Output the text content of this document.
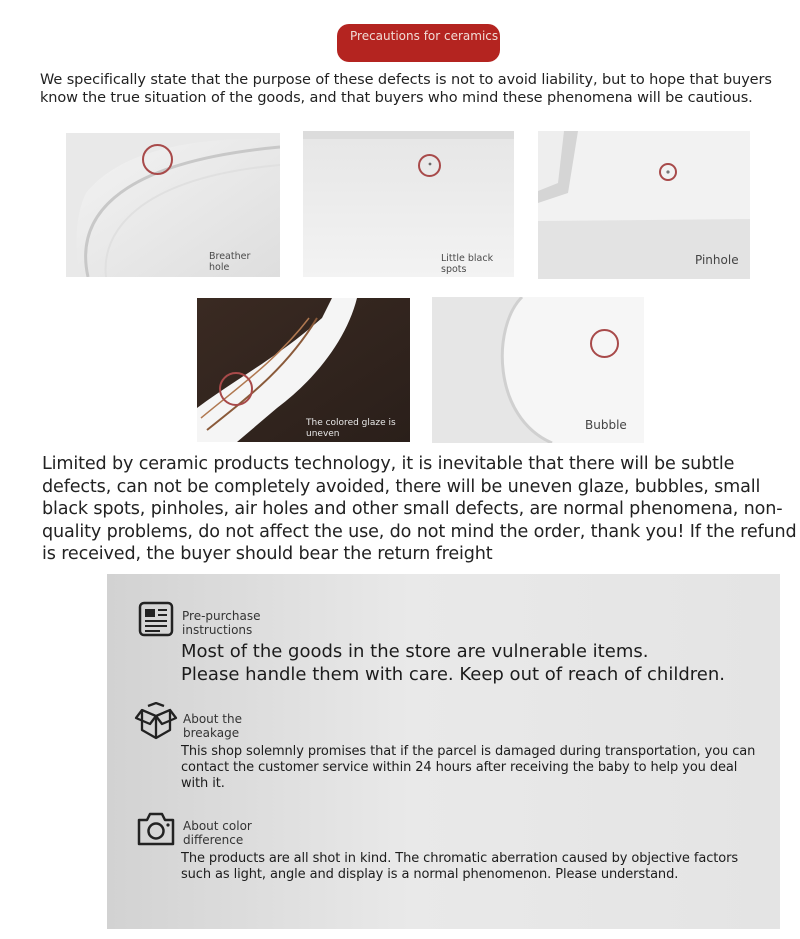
Precautions for ceramics

We specifically state that the purpose of these defects is not to avoid liability, but to hope that buyers know the true situation of the goods, and that buyers who mind these phenomena will be cautious.

Breather hole
Little black spots
Pinhole
The colored glaze is uneven
Bubble

Limited by ceramic products technology, it is inevitable that there will be subtle defects, can not be completely avoided, there will be uneven glaze, bubbles, small black spots, pinholes, air holes and other small defects, are normal phenomena, non-quality problems, do not affect the use, do not mind the order, thank you! If the refund is received, the buyer should bear the return freight

Pre-purchase instructions
Most of the goods in the store are vulnerable items.
Please handle them with care. Keep out of reach of children.
About the breakage
This shop solemnly promises that if the parcel is damaged during transportation, you can contact the customer service within 24 hours after receiving the baby to help you deal with it.
About color difference
The products are all shot in kind. The chromatic aberration caused by objective factors such as light, angle and display is a normal phenomenon. Please understand.
